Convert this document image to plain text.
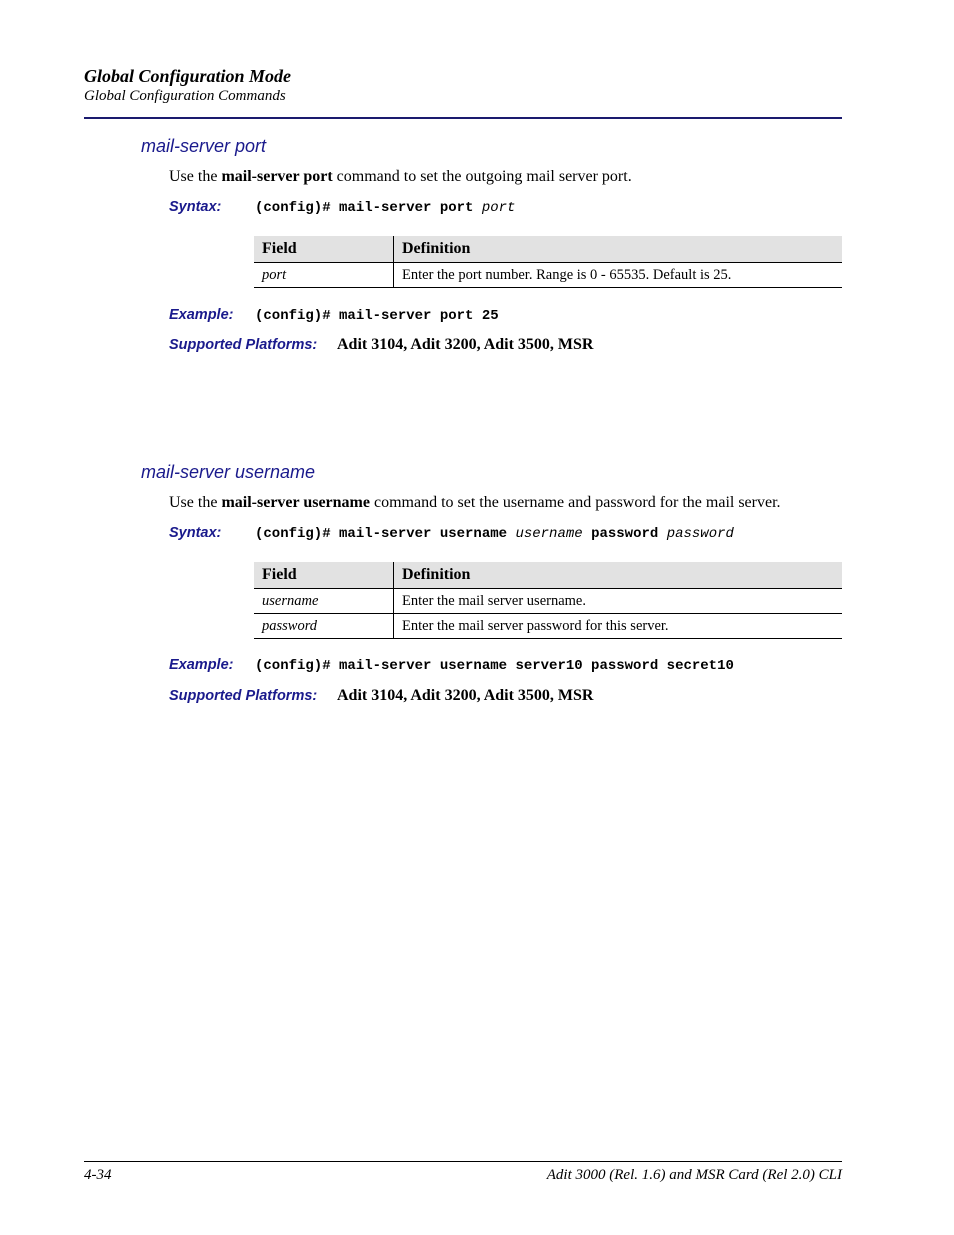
Global Configuration Mode
Global Configuration Commands
mail-server port
Use the mail-server port command to set the outgoing mail server port.
Syntax: (config)# mail-server port port
Field	Definition
port	Enter the port number. Range is 0 - 65535. Default is 25.
Example: (config)# mail-server port 25
Supported Platforms: Adit 3104, Adit 3200, Adit 3500, MSR
mail-server username
Use the mail-server username command to set the username and password for the mail server.
Syntax: (config)# mail-server username username password password
Field	Definition
username	Enter the mail server username.
password	Enter the mail server password for this server.
Example: (config)# mail-server username server10 password secret10
Supported Platforms: Adit 3104, Adit 3200, Adit 3500, MSR
4-34	Adit 3000 (Rel. 1.6) and MSR Card (Rel 2.0) CLI
